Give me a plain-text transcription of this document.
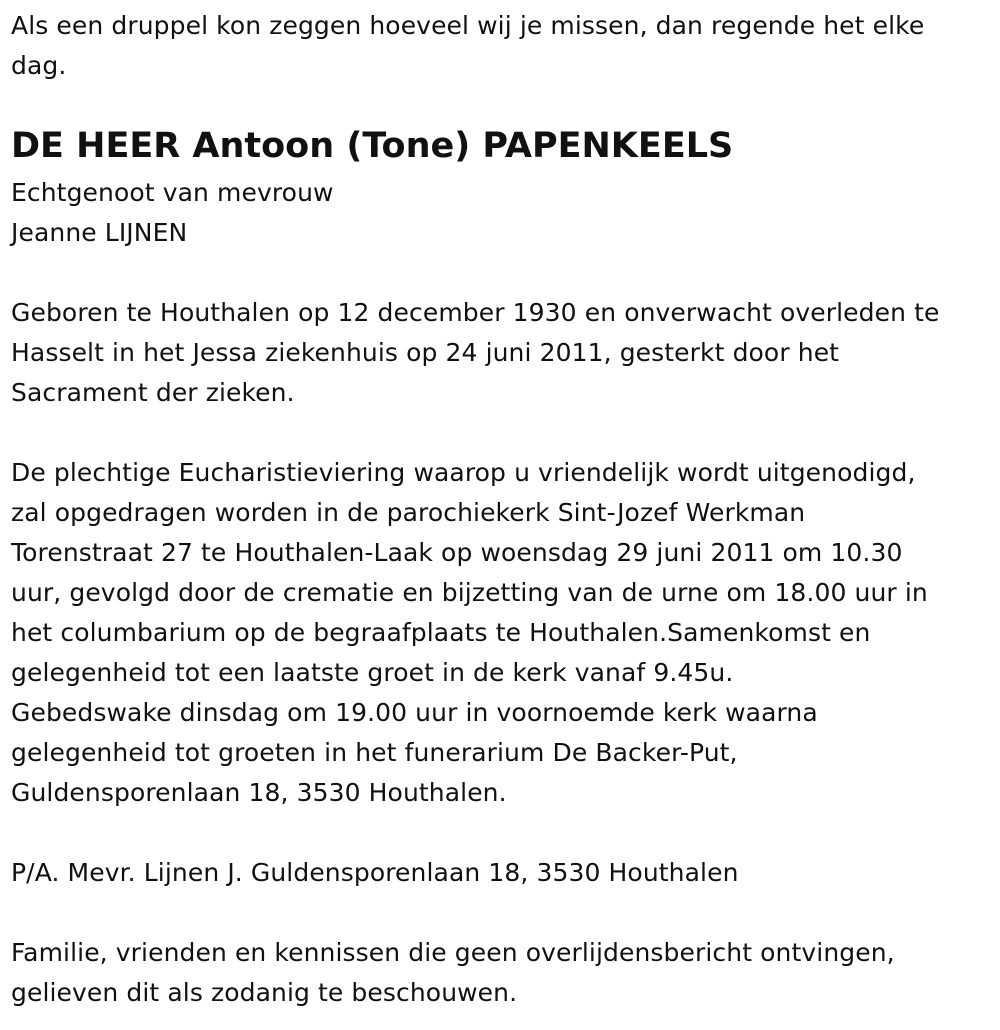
Als een druppel kon zeggen hoeveel wij je missen, dan regende het elke
dag.
DE HEER Antoon (Tone) PAPENKEELS
Echtgenoot van mevrouw
Jeanne LIJNEN
Geboren te Houthalen op 12 december 1930 en onverwacht overleden te
Hasselt in het Jessa ziekenhuis op 24 juni 2011, gesterkt door het
Sacrament der zieken.
De plechtige Eucharistieviering waarop u vriendelijk wordt uitgenodigd,
zal opgedragen worden in de parochiekerk Sint-Jozef Werkman
Torenstraat 27 te Houthalen-Laak op woensdag 29 juni 2011 om 10.30
uur, gevolgd door de crematie en bijzetting van de urne om 18.00 uur in
het columbarium op de begraafplaats te Houthalen.Samenkomst en
gelegenheid tot een laatste groet in de kerk vanaf 9.45u.
Gebedswake dinsdag om 19.00 uur in voornoemde kerk waarna
gelegenheid tot groeten in het funerarium De Backer-Put,
Guldensporenlaan 18, 3530 Houthalen.
P/A. Mevr. Lijnen J. Guldensporenlaan 18, 3530 Houthalen
Familie, vrienden en kennissen die geen overlijdensbericht ontvingen,
gelieven dit als zodanig te beschouwen.
